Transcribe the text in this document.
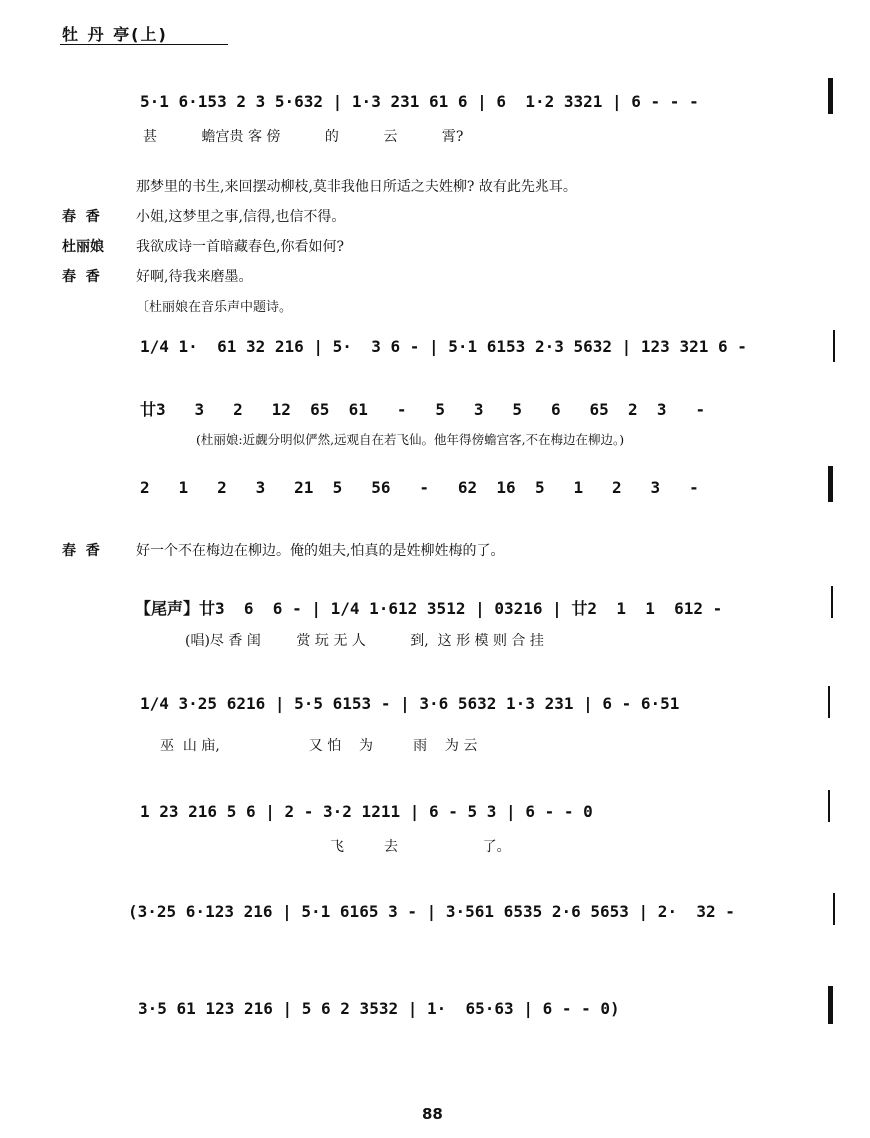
牡 丹 亭(上)
5·1 6·153 2 3 5·632 | 1·3 231 61 6 | 6  1·2 3321 | 6 - - -
甚          蟾宫贵 客 傍          的          云          霄?
那梦里的书生,来回摆动柳枝,莫非我他日所适之夫姓柳? 故有此先兆耳。
春  香	小姐,这梦里之事,信得,也信不得。
杜丽娘 我欲成诗一首暗藏春色,你看如何?
春  香	好啊,待我来磨墨。
〔杜丽娘在音乐声中题诗。
1/4 1·  61 32 216 | 5·  3 6 - | 5·1 6153 2·3 5632 | 123 321 6 -
廿3   3   2   12  65  61   -   5   3   5   6   65  2  3   -
(杜丽娘:近觑分明似俨然,远观自在若飞仙。他年得傍蟾宫客,不在梅边在柳边。)
2   1   2   3   21  5   56   -   62  16  5   1   2   3   -
春  香	好一个不在梅边在柳边。俺的姐夫,怕真的是姓柳姓梅的了。
【尾声】廿3  6  6 - | 1/4 1·612 3512 | 03216 | 廿2  1  1  612 -
(唱)尽 香 闺        赏 玩 无 人          到,  这 形 模 则 合 挂
1/4 3·25 6216 | 5·5 6153 - | 3·6 5632 1·3 231 | 6 - 6·51
巫  山 庙,                    又 怕    为         雨    为 云
1 23 216 5 6 | 2 - 3·2 1211 | 6 - 5 3 | 6 - - 0
飞         去                   了。
(3·25 6·123 216 | 5·1 6165 3 - | 3·561 6535 2·6 5653 | 2·  32 -
3·5 61 123 216 | 5 6 2 3532 | 1·  65·63 | 6 - - 0)
88
